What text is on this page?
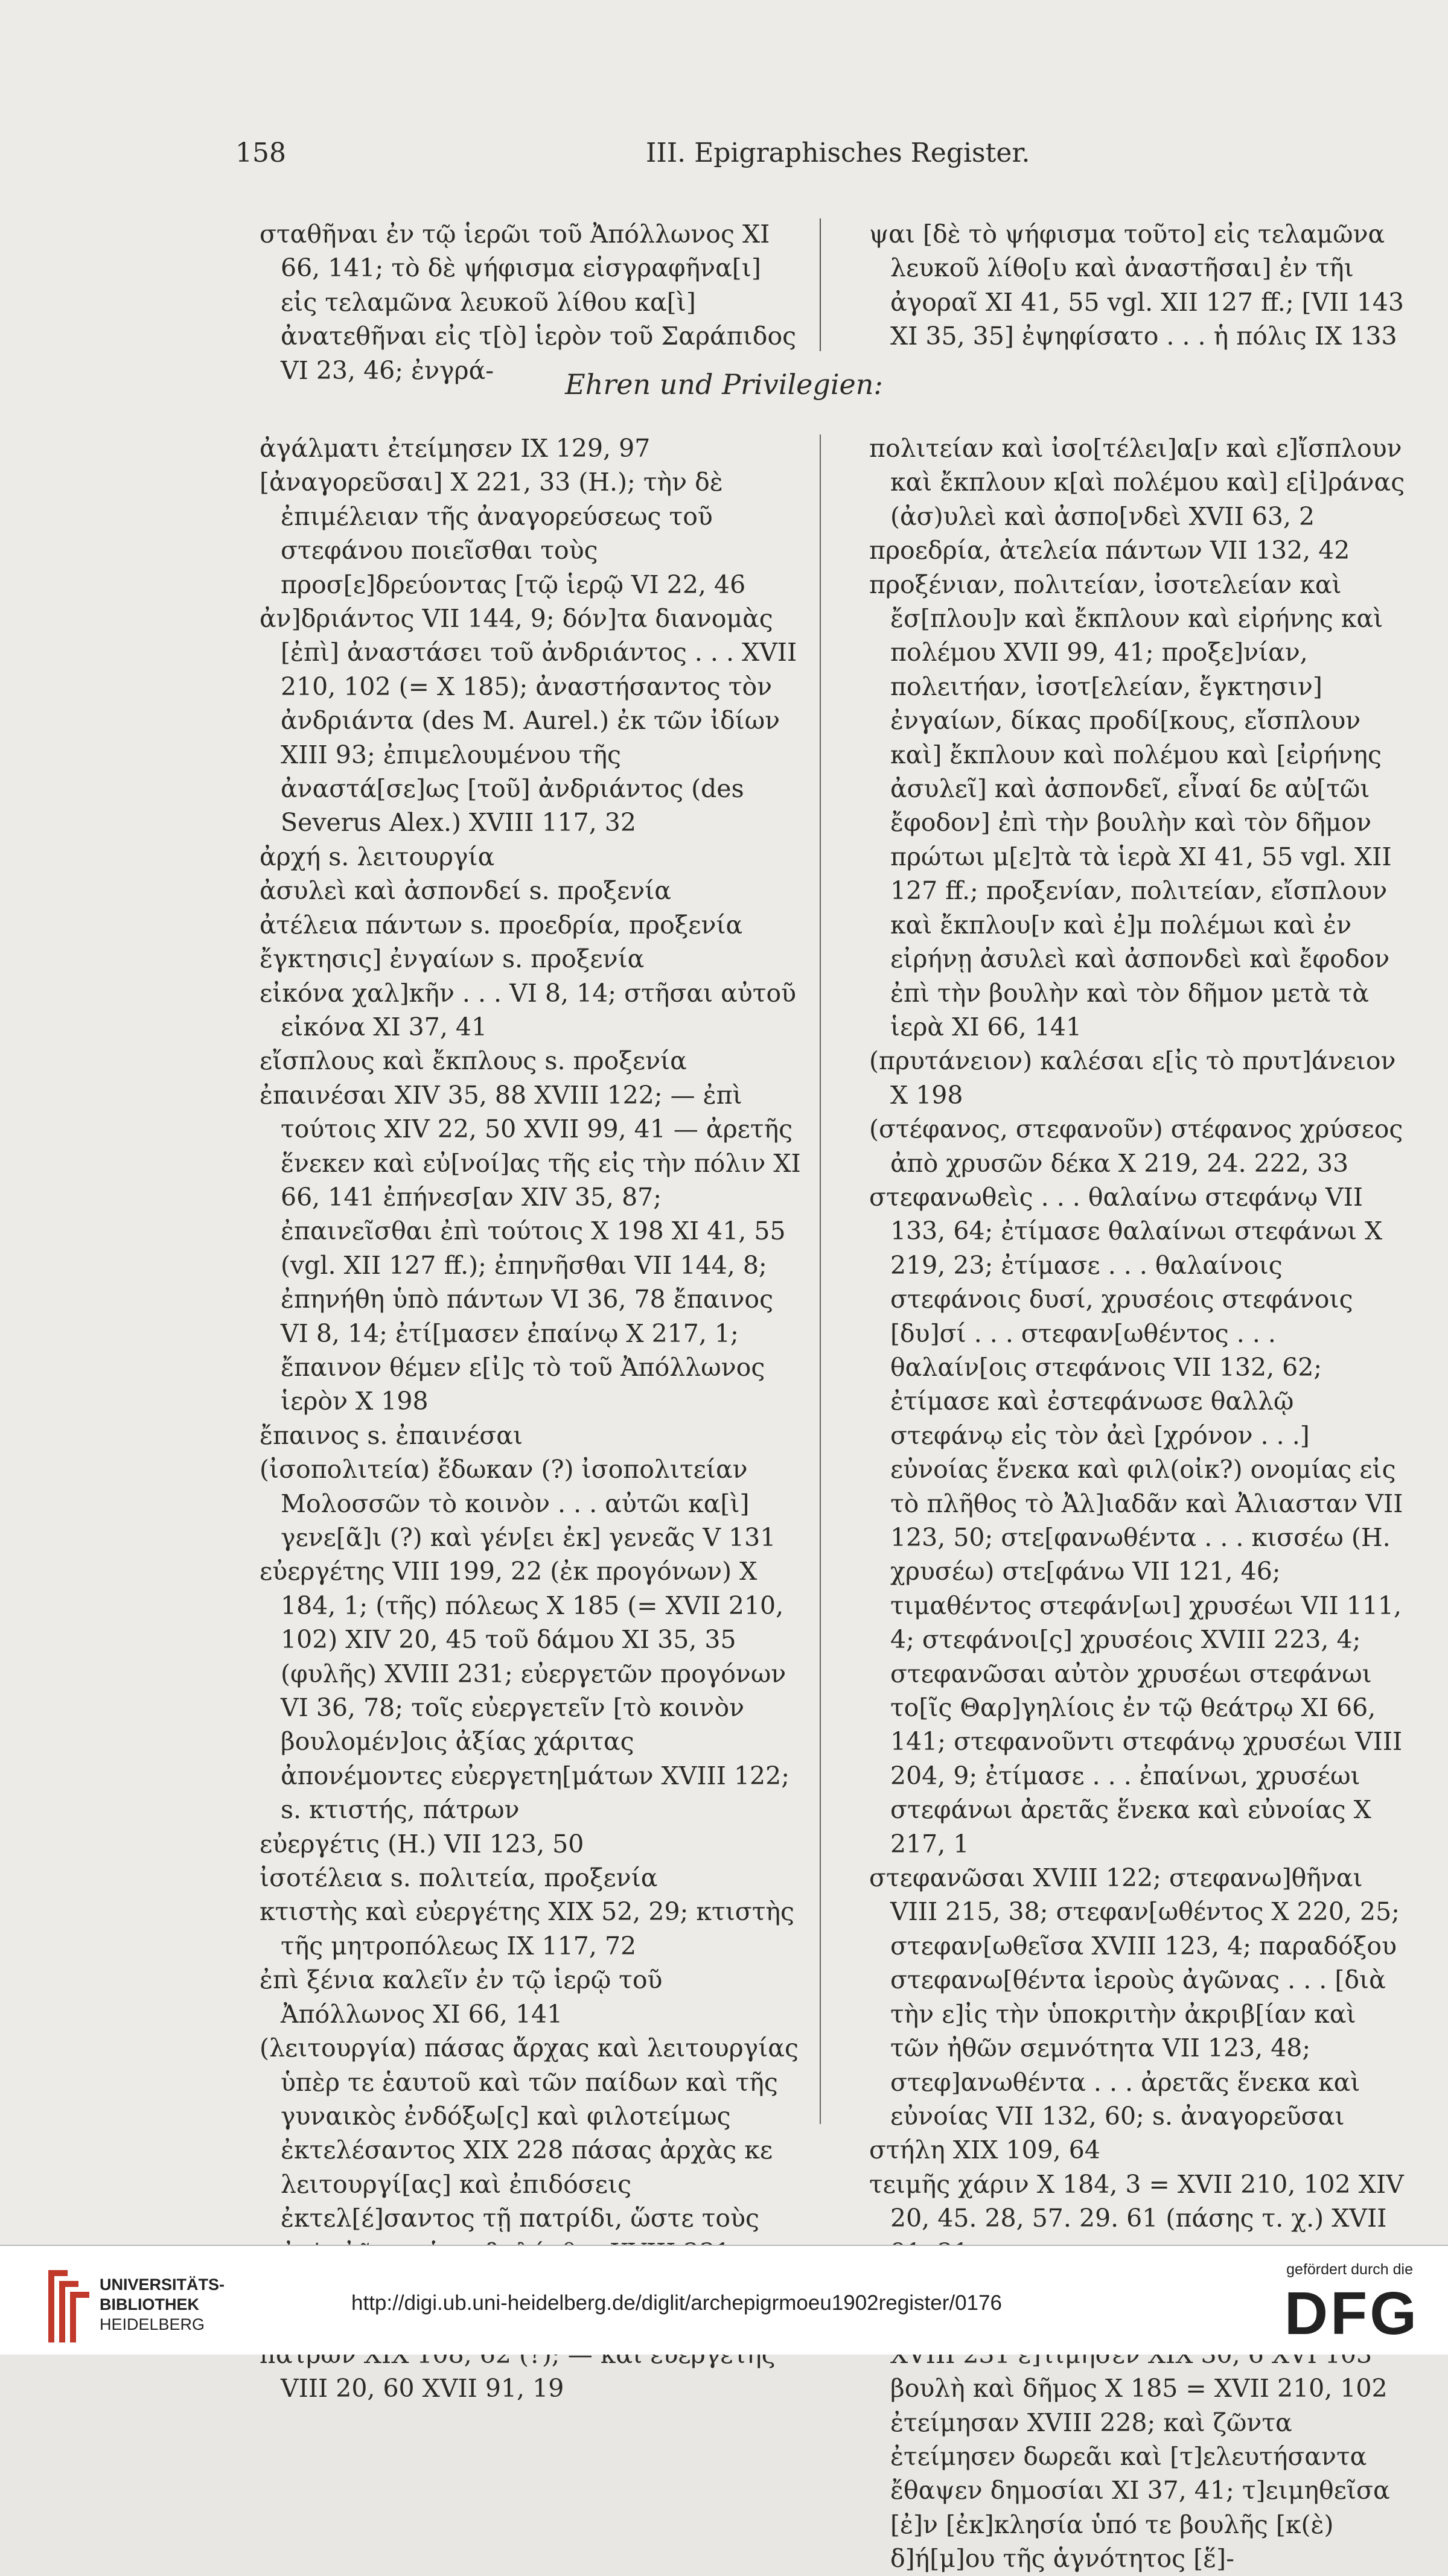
158	III. Epigraphisches Register.

σταθῆναι ἐν τῷ ἱερῶι τοῦ Ἀπόλλωνος XI 66, 141; τὸ δὲ ψήφισμα εἰσγραφῆνα[ι] εἰς τελαμῶνα λευκοῦ λίθου κα[ὶ] ἀνατεθῆναι εἰς τ[ὸ] ἱερὸν τοῦ Σαράπιδος VI 23, 46; ἐνγρά-

ψαι [δὲ τὸ ψήφισμα τοῦτο] εἰς τελαμῶνα λευκοῦ λίθο[υ καὶ ἀναστῆσαι] ἐν τῆι ἀγοραῖ XI 41, 55 vgl. XII 127 ff.; [VII 143 XI 35, 35] ἐψηφίσατο . . . ἡ πόλις IX 133

Ehren und Privilegien:

ἀγάλματι ἐτείμησεν IX 129, 97

[ἀναγορεῦσαι] X 221, 33 (H.); τὴν δὲ ἐπιμέλειαν τῆς ἀναγορεύσεως τοῦ στεφάνου ποιεῖσθαι τοὺς προσ[ε]δρεύοντας [τῷ ἱερῷ VI 22, 46

ἀν]δριάντος VII 144, 9; δόν]τα διανομὰς [ἐπὶ] ἀναστάσει τοῦ ἀνδριάντος . . . XVII 210, 102 (= X 185); ἀναστήσαντος τὸν ἀνδριάντα (des M. Aurel.) ἐκ τῶν ἰδίων XIII 93; ἐπιμελουμένου τῆς ἀναστά[σε]ως [τοῦ] ἀνδριάντος (des Severus Alex.) XVIII 117, 32

ἀρχή s. λειτουργία

ἀσυλεὶ καὶ ἀσπονδεί s. προξενία

ἀτέλεια πάντων s. προεδρία, προξενία

ἔγκτησις] ἐνγαίων s. προξενία

εἰκόνα χαλ]κῆν . . . VI 8, 14; στῆσαι αὐτοῦ εἰκόνα XI 37, 41

εἴσπλους καὶ ἔκπλους s. προξενία

ἐπαινέσαι XIV 35, 88 XVIII 122; — ἐπὶ τούτοις XIV 22, 50 XVII 99, 41 — ἀρετῆς ἕνεκεν καὶ εὐ[νοί]ας τῆς εἰς τὴν πόλιν XI 66, 141 ἐπήνεσ[αν XIV 35, 87; ἐπαινεῖσθαι ἐπὶ τούτοις X 198 XI 41, 55 (vgl. XII 127 ff.); ἐπηνῆσθαι VII 144, 8; ἐπηνήθη ὑπὸ πάντων VI 36, 78 ἔπαινος VI 8, 14; ἐτί[μασεν ἐπαίνῳ X 217, 1; ἔπαινον θέμεν ε[ἰ]ς τὸ τοῦ Ἀπόλλωνος ἱερὸν X 198

ἔπαινος s. ἐπαινέσαι

(ἰσοπολιτεία) ἔδωκαν (?) ἰσοπολιτείαν Μολοσσῶν τὸ κοινὸν . . . αὐτῶι κα[ὶ] γενε[ᾶ]ι (?) καὶ γέν[ει ἐκ] γενεᾶς V 131

εὐεργέτης VIII 199, 22 (ἐκ προγόνων) X 184, 1; (τῆς) πόλεως X 185 (= XVII 210, 102) XIV 20, 45 τοῦ δάμου XI 35, 35 (φυλῆς) XVIII 231; εὐεργετῶν προγόνων VI 36, 78; τοῖς εὐεργετεῖν [τὸ κοινὸν βουλομέν]οις ἀξίας χάριτας ἀπονέμοντες εὐεργετη[μάτων XVIII 122; s. κτιστής, πάτρων

εὐεργέτις (H.) VII 123, 50

ἰσοτέλεια s. πολιτεία, προξενία

κτιστὴς καὶ εὐεργέτης XIX 52, 29; κτιστὴς τῆς μητροπόλεως IX 117, 72

ἐπὶ ξένια καλεῖν ἐν τῷ ἱερῷ τοῦ Ἀπόλλωνος XI 66, 141

(λειτουργία) πάσας ἄρχας καὶ λειτουργίας ὑπὲρ τε ἑαυτοῦ καὶ τῶν παίδων καὶ τῆς γυναικὸς ἐνδόξω[ς] καὶ φιλοτείμως ἐκτελέσαντος XIX 228 πάσας ἀρχὰς κε λειτουργί[ας] καὶ ἐπιδόσεις ἐκτελ[έ]σαντος τῇ πατρίδι, ὥστε τοὺς

VIII 20, 60 XVII 91, 19

πολιτείαν καὶ ἰσο[τέλει]α[ν καὶ ε]ἴσπλουν καὶ ἔκπλουν κ[αὶ πολέμου καὶ] ε[ἰ]ράνας (ἀσ)υλεὶ καὶ ἀσπο[νδεὶ XVII 63, 2

προεδρία, ἀτελεία πάντων VII 132, 42

προξένιαν, πολιτείαν, ἰσοτελείαν καὶ ἔσ[πλου]ν καὶ ἔκπλουν καὶ εἰρήνης καὶ πολέμου XVII 99, 41; προξε]νίαν, πολειτήαν, ἰσοτ[ελείαν, ἔγκτησιν] ἐνγαίων, δίκας προδί[κους, εἴσπλουν καὶ] ἔκπλουν καὶ πολέμου καὶ [εἰρήνης ἀσυλεῖ] καὶ ἀσπονδεῖ, εἶναί δε αὐ[τῶι ἔφοδον] ἐπὶ τὴν βουλὴν καὶ τὸν δῆμον πρώτωι μ[ε]τὰ τὰ ἱερὰ XI 41, 55 vgl. XII 127 ff.; προξενίαν, πολιτείαν, εἴσπλουν καὶ ἔκπλου[ν καὶ ἐ]μ πολέμωι καὶ ἐν εἰρήνῃ ἀσυλεὶ καὶ ἀσπονδεὶ καὶ ἔφοδον ἐπὶ τὴν βουλὴν καὶ τὸν δῆμον μετὰ τὰ ἱερὰ XI 66, 141

(πρυτάνειον) καλέσαι ε[ἰς τὸ πρυτ]άνειον X 198

(στέφανος, στεφανοῦν) στέφανος χρύσεος ἀπὸ χρυσῶν δέκα X 219, 24. 222, 33

στεφανωθεὶς . . . θαλαίνω στεφάνῳ VII 133, 64; ἐτίμασε θαλαίνωι στεφάνωι X 219, 23; ἐτίμασε . . . θαλαίνοις στεφάνοις δυσί, χρυσέοις στεφάνοις [δυ]σί . . . στεφαν[ωθέντος . . . θαλαίν[οις στεφάνοις VII 132, 62; ἐτίμασε καὶ ἐστεφάνωσε θαλλῷ στεφάνῳ εἰς τὸν ἀεὶ [χρόνον . . .] εὐνοίας ἕνεκα καὶ φιλ(οἰκ?) ονομίας εἰς τὸ πλῆθος τὸ Ἀλ]ιαδᾶν καὶ Ἀλιασταν VII 123, 50; στε[φανωθέντα . . . κισσέω (H. χρυσέω) στε[φάνω VII 121, 46; τιμαθέντος στεφάν[ωι] χρυσέωι VII 111, 4; στεφάνοι[ς] χρυσέοις XVIII 223, 4; στεφανῶσαι αὐτὸν χρυσέωι στεφάνωι το[ῖς Θαρ]γηλίοις ἐν τῷ θεάτρῳ XI 66, 141; στεφανοῦντι στεφάνῳ χρυσέωι VIII 204, 9; ἐτίμασε . . . ἐπαίνωι, χρυσέωι στεφάνωι ἀρετᾶς ἕνεκα καὶ εὐνοίας X 217, 1

στεφανῶσαι XVIII 122; στεφανω]θῆναι VIII 215, 38; στεφαν[ωθέντος X 220, 25; στεφαν[ωθεῖσα XVIII 123, 4; παραδόξου στεφανω[θέντα ἱεροὺς ἀγῶνας . . . [διὰ τὴν ε]ἰς τὴν ὑποκριτὴν ἀκριβ[ίαν καὶ τῶν ἠθῶν σεμνότητα VII 123, 48; στεφ]ανωθέντα . . . ἀρετᾶς ἕνεκα καὶ εὐνοίας VII 132, 60; s. ἀναγορεῦσαι

στήλη XIX 109, 64

τειμῆς χάριν X 184, 3 = XVII 210, 102 XIV 20, 45. 28, 57. 29. 61 (πάσης τ. χ.) XVII

βουλὴ καὶ δῆμος X 185 = XVII 210, 102 ἐτείμησαν XVIII 228; καὶ ζῶντα ἐτείμησεν δωρεᾶι καὶ [τ]ελευτήσαντα ἔθαψεν δημοσίαι XI 37, 41; τ]ειμηθεῖσα [ἐ]ν [ἐκ]κλησία ὑπό τε βουλῆς [κ(ὲ) δ]ή[μ]ου τῆς ἁγνότητος [ἕ]-

UNIVERSITÄTS-
BIBLIOTHEK
HEIDELBERG
http://digi.ub.uni-heidelberg.de/diglit/archepigrmoeu1902register/0176
gefördert durch die
DFG
